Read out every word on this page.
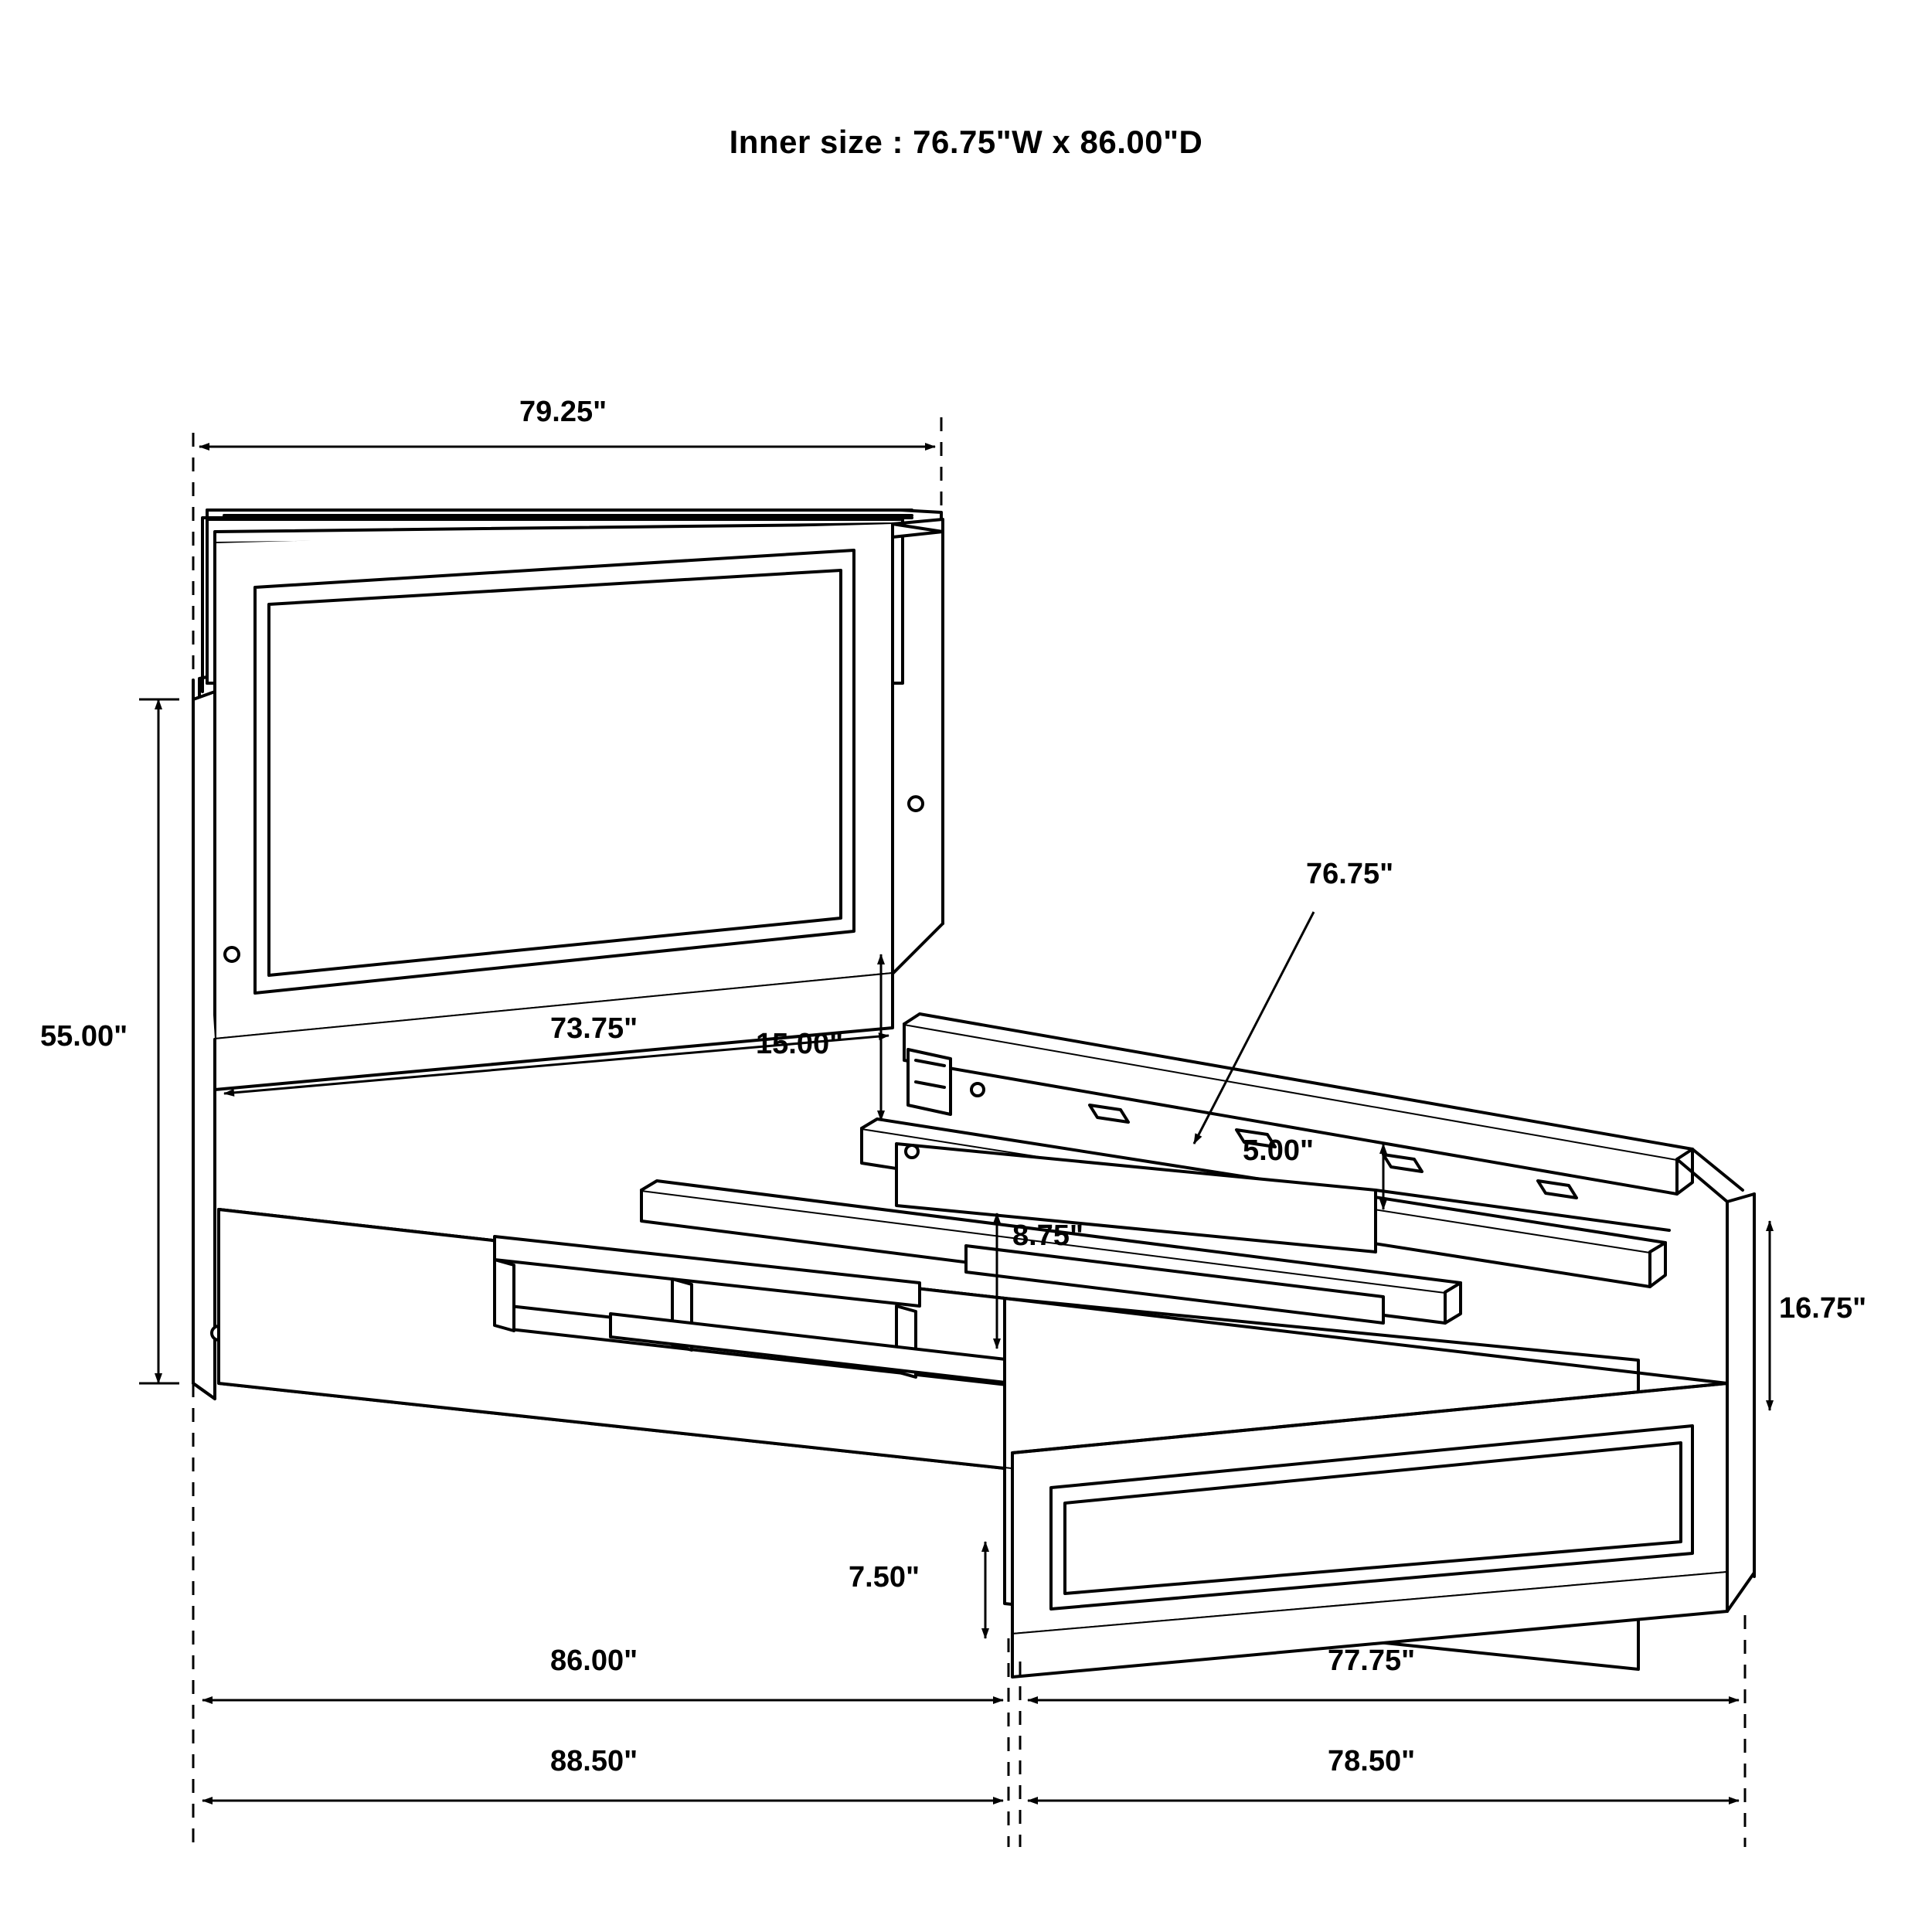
Inner size : 76.75"W x 86.00"D
79.25"
55.00"	73.75"	15.00"
76.75"
5.00"
8.75"
16.75"
7.50"
86.00"	77.75"
88.50"	78.50"
